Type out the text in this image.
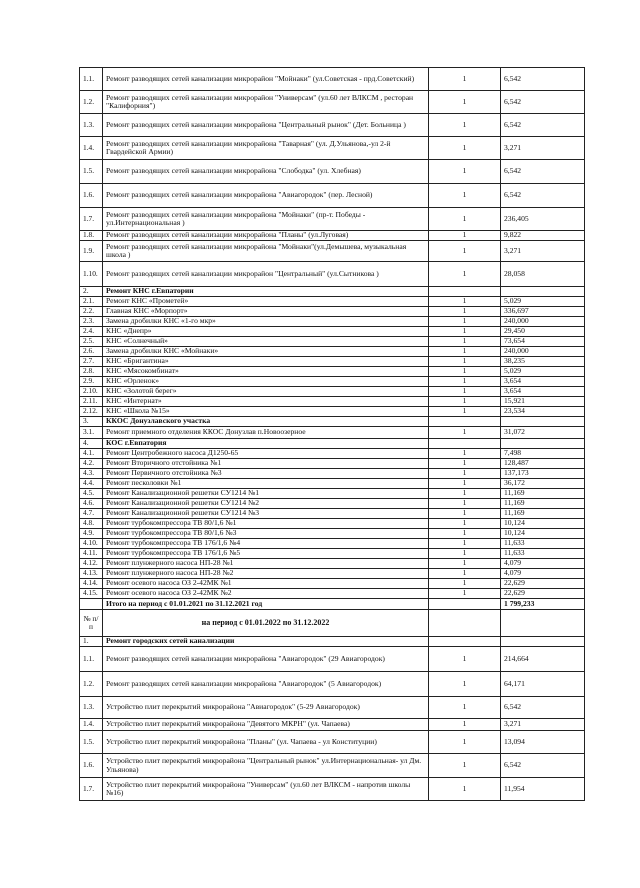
1.1.	Ремонт разводящих сетей канализации микрорайон "Мойнаки" (ул.Советская - прд.Советский)	1	6,542
1.2.	Ремонт разводящих сетей канализации микрорайон "Универсам" (ул.60 лет ВЛКСМ , ресторан "Калифорния")	1	6,542
1.3.	Ремонт разводящих сетей канализации микрорайона "Центральный рынок" (Дет. Больница )	1	6,542
1.4.	Ремонт разводящих сетей канализации микрорайона "Таварная" (ул. Д.Ульянова,-ул 2-й Гвардейской Армии)	1	3,271
1.5.	Ремонт разводящих сетей канализации микрорайона "Слободка" (ул. Хлебная)	1	6,542
1.6.	Ремонт разводящих сетей канализации микрорайона "Авиагородок" (пер. Лесной)	1	6,542
1.7.	Ремонт разводящих сетей канализации микрорайона "Мойнаки" (пр-т. Победы - ул.Интернациональная )	1	236,405
1.8.	Ремонт разводящих сетей канализации микрорайона "Планы" (ул.Луговая)	1	9,822
1.9.	Ремонт разводящих сетей канализации микрорайона "Мойнаки"(ул.Демышева, музыкальная школа )	1	3,271
1.10.	Ремонт разводящих сетей канализации микрорайон "Центральный" (ул.Сытникова )	1	28,058
2.	Ремонт КНС г.Евпатории		
2.1.	Ремонт КНС «Прометей»	1	5,029
2.2.	Главная КНС «Морпорт»	1	336,697
2.3.	Замена дробилки КНС «1-го мкр»	1	240,000
2.4.	КНС «Днепр»	1	29,450
2.5.	КНС «Солнечный»	1	73,654
2.6.	Замена дробилки КНС «Мойнаки»	1	240,000
2.7.	КНС «Бригантина»	1	38,235
2.8.	КНС «Мясокомбинат»	1	5,029
2.9.	КНС «Орленок»	1	3,654
2.10.	КНС «Золотой берег»	1	3,654
2.11.	КНС «Интернат»	1	15,921
2.12.	КНС «Школа №15»	1	23,534
3.	ККОС Донузлавского участка		
3.1.	Ремонт приемного отделения ККОС Донузлав п.Новоозерное	1	31,072
4.	КОС г.Евпатория		
4.1.	Ремонт Центробежного насоса Д1250-65	1	7,498
4.2.	Ремонт Вторичного отстойника №1	1	128,487
4.3.	Ремонт Первичного отстойника №3	1	137,173
4.4.	Ремонт песколовки №1	1	36,172
4.5.	Ремонт Канализационной решетки СУ1214 №1	1	11,169
4.6.	Ремонт Канализационной решетки СУ1214 №2	1	11,169
4.7.	Ремонт Канализационной решетки СУ1214 №3	1	11,169
4.8.	Ремонт турбокомпрессора ТВ 80/1,6 №1	1	10,124
4.9.	Ремонт турбокомпрессора ТВ 80/1,6 №3	1	10,124
4.10.	Ремонт турбокомпрессора ТВ 176/1,6 №4	1	11,633
4.11.	Ремонт турбокомпрессора ТВ 176/1,6 №5	1	11,633
4.12.	Ремонт плунжерного насоса НП-28 №1	1	4,079
4.13.	Ремонт плунжерного насоса НП-28 №2	1	4,079
4.14.	Ремонт осевого насоса ОЗ 2-42МК №1	1	22,629
4.15.	Ремонт осевого насоса ОЗ 2-42МК №2	1	22,629
	Итого на период с 01.01.2021 по 31.12.2021 год		1 799,233
№ п/п	на период с 01.01.2022 по 31.12.2022		
1.	Ремонт городских сетей канализации		
1.1.	Ремонт разводящих сетей канализации микрорайона "Авиагородок" (29 Авиагородок)	1	214,664
1.2.	Ремонт разводящих сетей канализации микрорайона "Авиагородок" (5 Авиагородок)	1	64,171
1.3.	Устройство плит перекрытий микрорайона "Авиагородок" (5-29 Авиагородок)	1	6,542
1.4.	Устройство плит перекрытий микрорайона "Девятого МКРН" (ул. Чапаева)	1	3,271
1.5.	Устройство плит перекрытий микрорайона "Планы" (ул. Чапаева - ул Конституции)	1	13,094
1.6.	Устройство плит перекрытий микрорайона "Центральный рынок" ул.Интернациональная- ул Дм. Ульянова)	1	6,542
1.7.	Устройство плит перекрытий микрорайона "Универсам" (ул.60 лет ВЛКСМ - напротив школы №16)	1	11,954
